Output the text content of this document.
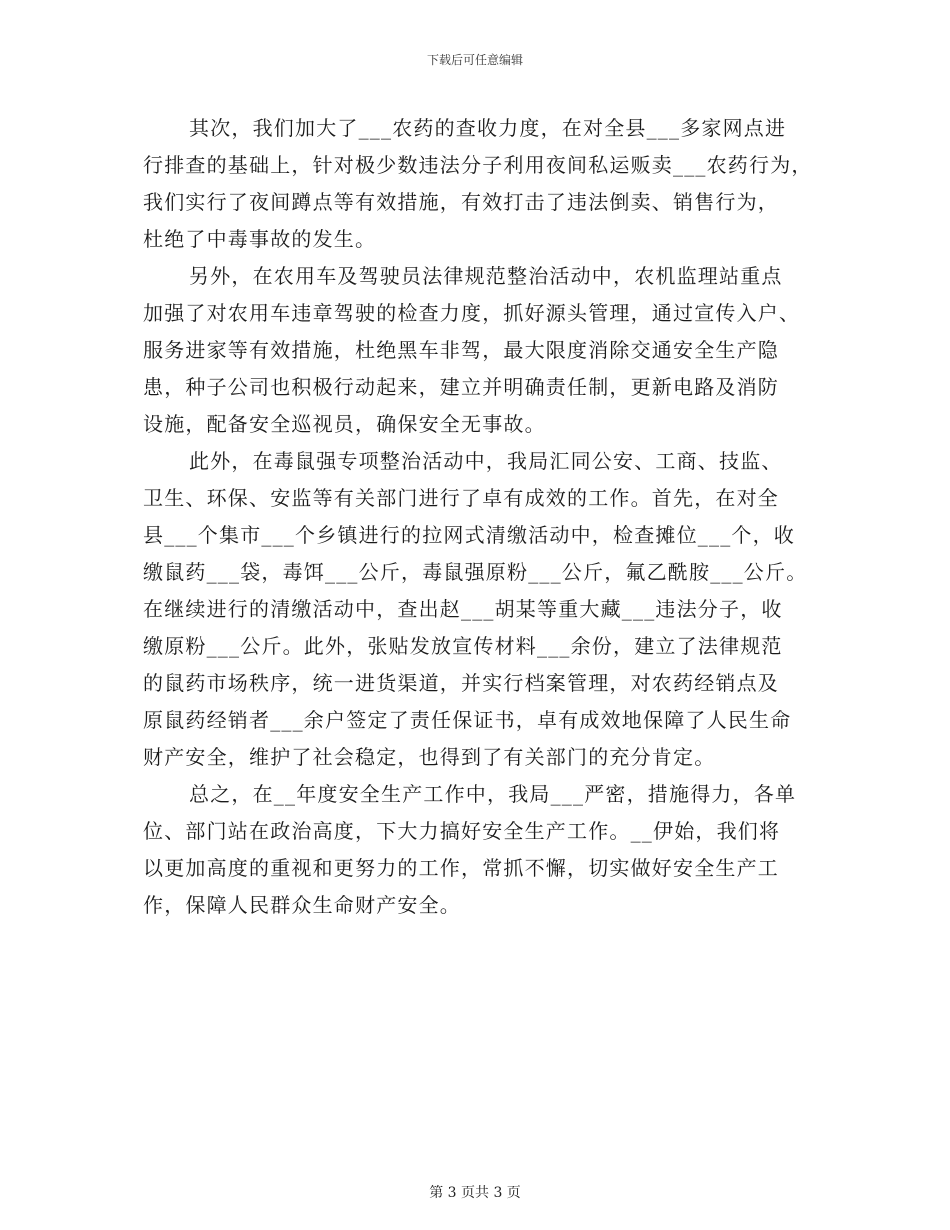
下载后可任意编辑
其次，我们加大了___农药的查收力度，在对全县___多家网点进
行排查的基础上，针对极少数违法分子利用夜间私运贩卖___农药行为，
我们实行了夜间蹲点等有效措施，有效打击了违法倒卖、销售行为，
杜绝了中毒事故的发生。
另外，在农用车及驾驶员法律规范整治活动中，农机监理站重点
加强了对农用车违章驾驶的检查力度，抓好源头管理，通过宣传入户、
服务进家等有效措施，杜绝黑车非驾，最大限度消除交通安全生产隐
患，种子公司也积极行动起来，建立并明确责任制，更新电路及消防
设施，配备安全巡视员，确保安全无事故。
此外，在毒鼠强专项整治活动中，我局汇同公安、工商、技监、
卫生、环保、安监等有关部门进行了卓有成效的工作。首先，在对全
县___个集市___个乡镇进行的拉网式清缴活动中，检查摊位___个，收
缴鼠药___袋，毒饵___公斤，毒鼠强原粉___公斤，氟乙酰胺___公斤。
在继续进行的清缴活动中，查出赵___胡某等重大藏___违法分子，收
缴原粉___公斤。此外，张贴发放宣传材料___余份，建立了法律规范
的鼠药市场秩序，统一进货渠道，并实行档案管理，对农药经销点及
原鼠药经销者___余户签定了责任保证书，卓有成效地保障了人民生命
财产安全，维护了社会稳定，也得到了有关部门的充分肯定。
总之，在__年度安全生产工作中，我局___严密，措施得力，各单
位、部门站在政治高度，下大力搞好安全生产工作。__伊始，我们将
以更加高度的重视和更努力的工作，常抓不懈，切实做好安全生产工
作，保障人民群众生命财产安全。
第 3 页共 3 页
